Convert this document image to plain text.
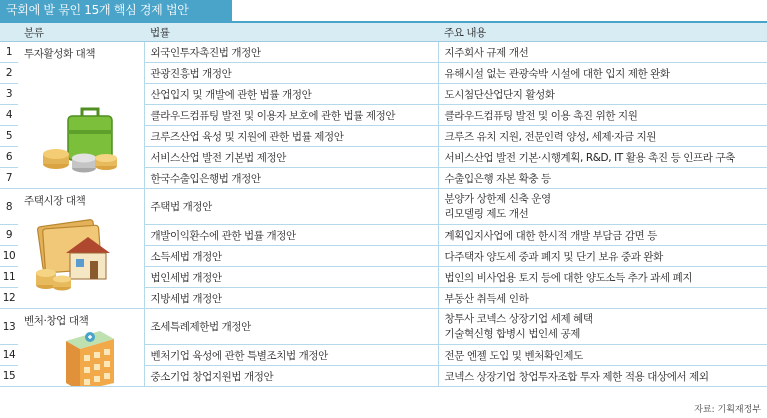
국회에 발 묶인 15개 핵심 경제 법안
	분류	법률	주요 내용
1	투자활성화 대책	외국인투자촉진법 개정안	지주회사 규제 개선
2		관광진흥법 개정안	유해시설 없는 관광숙박 시설에 대한 입지 제한 완화
3		산업입지 및 개발에 관한 법률 개정안	도시첨단산업단지 활성화
4		클라우드컴퓨팅 발전 및 이용자 보호에 관한 법률 제정안	클라우드컴퓨팅 발전 및 이용 촉진 위한 지원
5		크루즈산업 육성 및 지원에 관한 법률 제정안	크루즈 유치 지원, 전문인력 양성, 세제·자금 지원
6		서비스산업 발전 기본법 제정안	서비스산업 발전 기본·시행계획, R&D, IT 활용 촉진 등 인프라 구축
7		한국수출입은행법 개정안	수출입은행 자본 확충 등
8	주택시장 대책	주택법 개정안	분양가 상한제 신축 운영
리모델링 제도 개선

9		개발이익환수에 관한 법률 개정안	계획입지사업에 대한 한시적 개발 부담금 감면 등
10		소득세법 개정안	다주택자 양도세 중과 폐지 및 단기 보유 중과 완화
11		법인세법 개정안	법인의 비사업용 토지 등에 대한 양도소득 추가 과세 폐지
12		지방세법 개정안	부동산 취득세 인하
13	벤처·창업 대책	조세특례제한법 개정안	창투사 코넥스 상장기업 세제 혜택
기술혁신형 합병시 법인세 공제

14		벤처기업 육성에 관한 특별조치법 개정안	전문 엔젤 도입 및 벤처확인제도
15		중소기업 창업지원법 개정안	코넥스 상장기업 창업투자조합 투자 제한 적용 대상에서 제외
자료: 기획재정부
